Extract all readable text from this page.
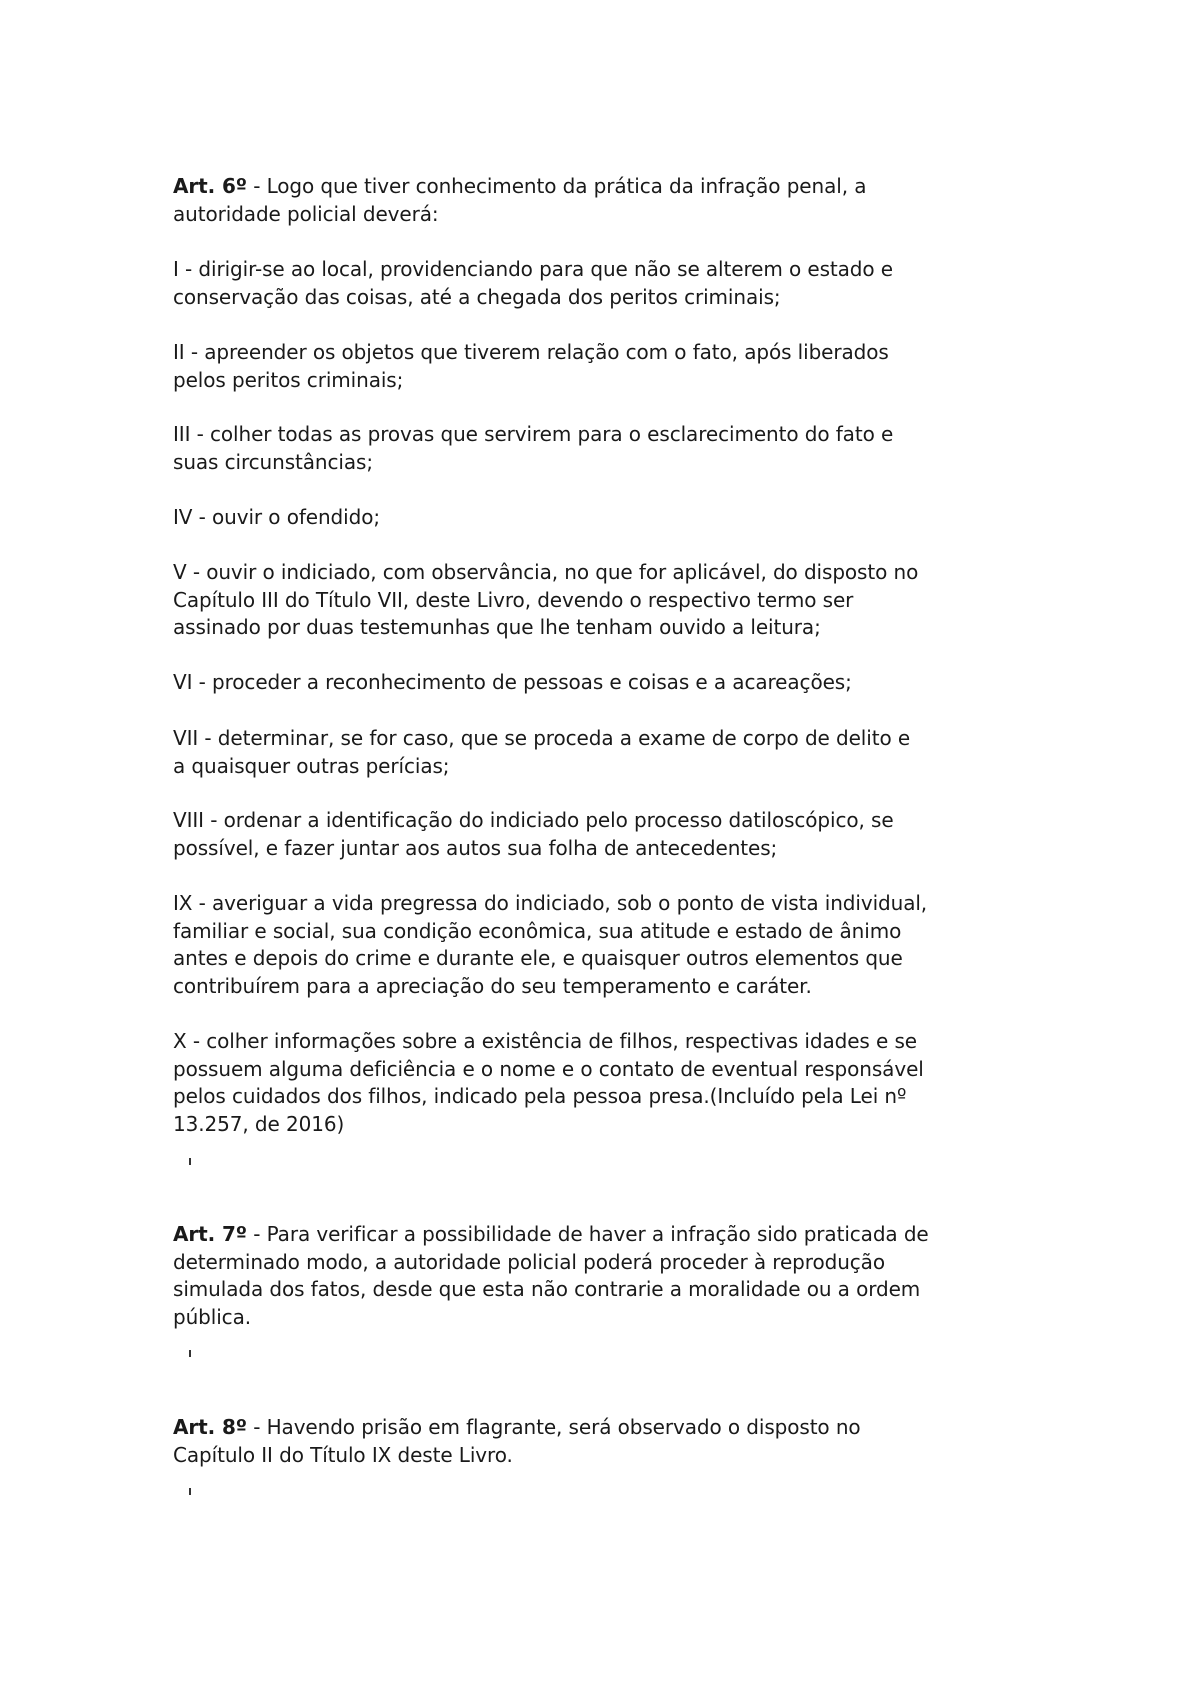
Art. 6º - Logo que tiver conhecimento da prática da infração penal, a
autoridade policial deverá:

I - dirigir-se ao local, providenciando para que não se alterem o estado e
conservação das coisas, até a chegada dos peritos criminais;

II - apreender os objetos que tiverem relação com o fato, após liberados
pelos peritos criminais;

III - colher todas as provas que servirem para o esclarecimento do fato e
suas circunstâncias;

IV - ouvir o ofendido;

V - ouvir o indiciado, com observância, no que for aplicável, do disposto no
Capítulo III do Título VII, deste Livro, devendo o respectivo termo ser
assinado por duas testemunhas que lhe tenham ouvido a leitura;

VI - proceder a reconhecimento de pessoas e coisas e a acareações;

VII - determinar, se for caso, que se proceda a exame de corpo de delito e
a quaisquer outras perícias;

VIII - ordenar a identificação do indiciado pelo processo datiloscópico, se
possível, e fazer juntar aos autos sua folha de antecedentes;

IX - averiguar a vida pregressa do indiciado, sob o ponto de vista individual,
familiar e social, sua condição econômica, sua atitude e estado de ânimo
antes e depois do crime e durante ele, e quaisquer outros elementos que
contribuírem para a apreciação do seu temperamento e caráter.

X - colher informações sobre a existência de filhos, respectivas idades e se
possuem alguma deficiência e o nome e o contato de eventual responsável
pelos cuidados dos filhos, indicado pela pessoa presa.(Incluído pela Lei nº
13.257, de 2016)

Art. 7º - Para verificar a possibilidade de haver a infração sido praticada de
determinado modo, a autoridade policial poderá proceder à reprodução
simulada dos fatos, desde que esta não contrarie a moralidade ou a ordem
pública.

Art. 8º - Havendo prisão em flagrante, será observado o disposto no
Capítulo II do Título IX deste Livro.
